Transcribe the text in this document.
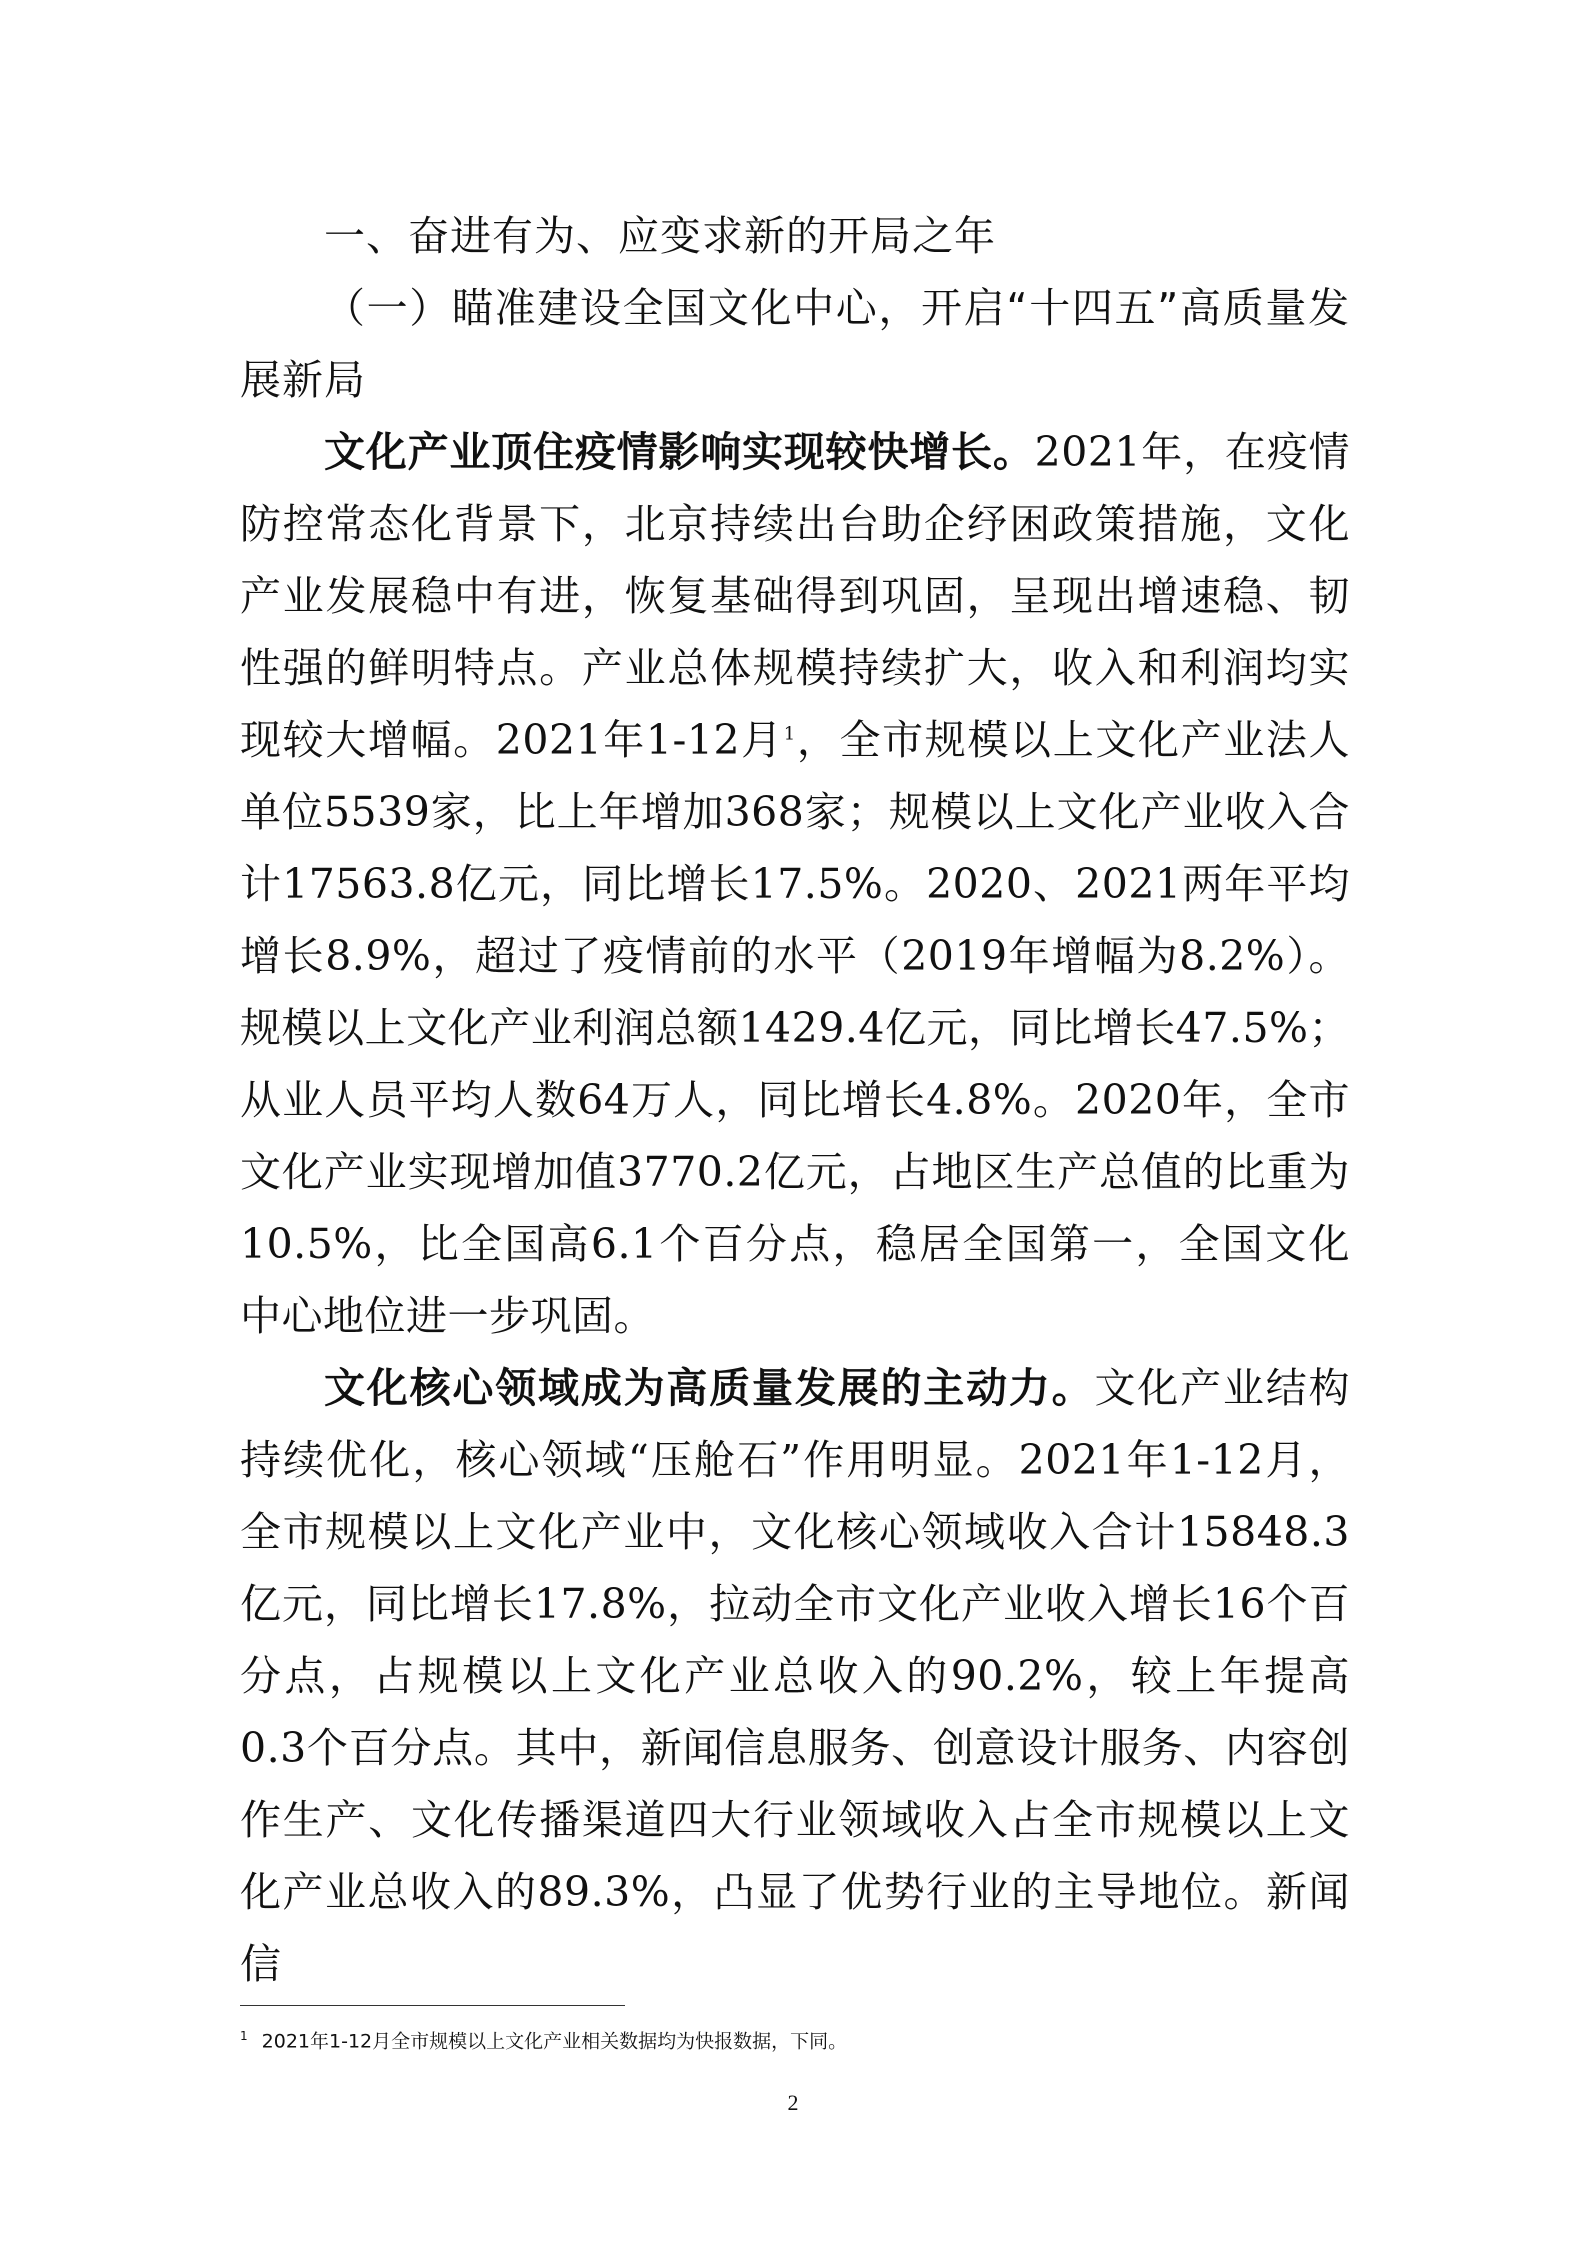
一、奋进有为、应变求新的开局之年

（一）瞄准建设全国文化中心，开启“十四五”高质量发展新局

文化产业顶住疫情影响实现较快增长。2021年，在疫情防控常态化背景下，北京持续出台助企纾困政策措施，文化产业发展稳中有进，恢复基础得到巩固，呈现出增速稳、韧性强的鲜明特点。产业总体规模持续扩大，收入和利润均实现较大增幅。2021年1-12月$^1$，全市规模以上文化产业法人单位5539家，比上年增加368家；规模以上文化产业收入合计17563.8亿元，同比增长17.5%。2020、2021两年平均增长8.9%，超过了疫情前的水平（2019年增幅为8.2%）。规模以上文化产业利润总额1429.4亿元，同比增长47.5%；从业人员平均人数64万人，同比增长4.8%。2020年，全市文化产业实现增加值3770.2亿元，占地区生产总值的比重为10.5%，比全国高6.1个百分点，稳居全国第一，全国文化中心地位进一步巩固。

文化核心领域成为高质量发展的主动力。文化产业结构持续优化，核心领域“压舱石”作用明显。2021年1-12月，全市规模以上文化产业中，文化核心领域收入合计15848.3亿元，同比增长17.8%，拉动全市文化产业收入增长16个百分点，占规模以上文化产业总收入的90.2%，较上年提高0.3个百分点。其中，新闻信息服务、创意设计服务、内容创作生产、文化传播渠道四大行业领域收入占全市规模以上文化产业总收入的89.3%，凸显了优势行业的主导地位。新闻信

$^1$ 2021年1-12月全市规模以上文化产业相关数据均为快报数据，下同。
2
